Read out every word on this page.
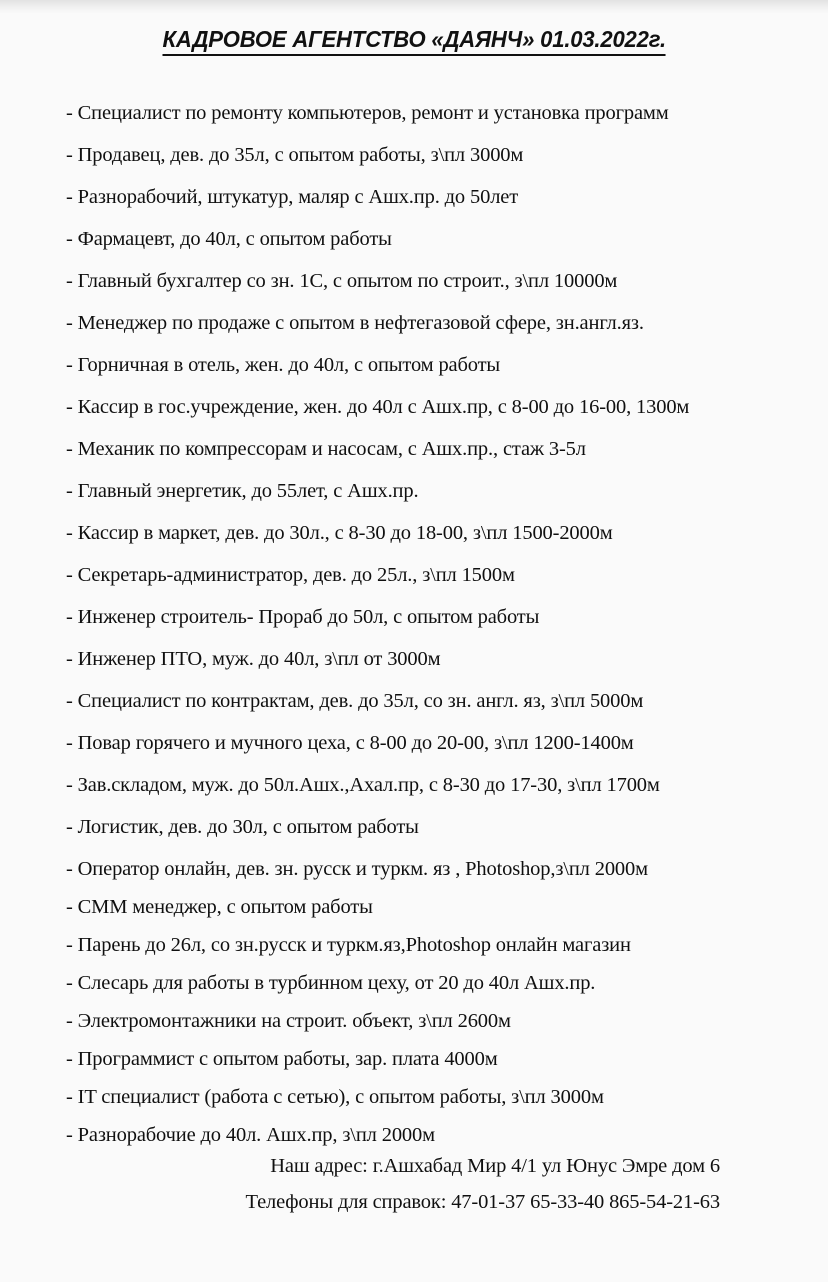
КАДРОВОЕ АГЕНТСТВО «ДАЯНЧ» 01.03.2022г.
- Специалист по ремонту компьютеров, ремонт и установка программ
- Продавец, дев. до 35л, с опытом работы, з\пл 3000м
- Разнорабочий, штукатур, маляр с Ашх.пр. до 50лет
- Фармацевт, до 40л, с опытом работы
- Главный бухгалтер со зн. 1С, с опытом по строит., з\пл 10000м
- Менеджер по продаже с опытом в нефтегазовой сфере, зн.англ.яз.
- Горничная в отель, жен. до 40л, с опытом работы
- Кассир в гос.учреждение, жен. до 40л с Ашх.пр, с 8-00 до 16-00, 1300м
- Механик по компрессорам и насосам, с Ашх.пр., стаж 3-5л
- Главный энергетик, до 55лет, с Ашх.пр.
- Кассир в маркет, дев. до 30л., с 8-30 до 18-00, з\пл 1500-2000м
- Секретарь-администратор, дев. до 25л., з\пл 1500м
- Инженер строитель- Прораб до 50л, с опытом работы
- Инженер ПТО, муж. до 40л, з\пл от 3000м
- Специалист по контрактам, дев. до 35л, со зн. англ. яз, з\пл 5000м
- Повар горячего и мучного цеха, с 8-00 до 20-00, з\пл 1200-1400м
- Зав.складом, муж. до 50л.Ашх.,Ахал.пр, с 8-30 до 17-30, з\пл 1700м
- Логистик, дев. до 30л, с опытом работы
- Оператор онлайн, дев. зн. русск и туркм. яз , Photoshop,з\пл 2000м
- СММ менеджер, с опытом работы
- Парень до 26л, со зн.русск и туркм.яз,Photoshop онлайн магазин
- Слесарь для работы в турбинном цеху, от 20 до 40л Ашх.пр.
- Электромонтажники на строит. объект, з\пл 2600м
- Программист с опытом работы, зар. плата 4000м
- IT специалист (работа с сетью), с опытом работы, з\пл 3000м
- Разнорабочие до 40л. Ашх.пр, з\пл 2000м
Наш адрес: г.Ашхабад Мир 4/1 ул Юнус Эмре дом 6
Телефоны для справок: 47-01-37 65-33-40 865-54-21-63
